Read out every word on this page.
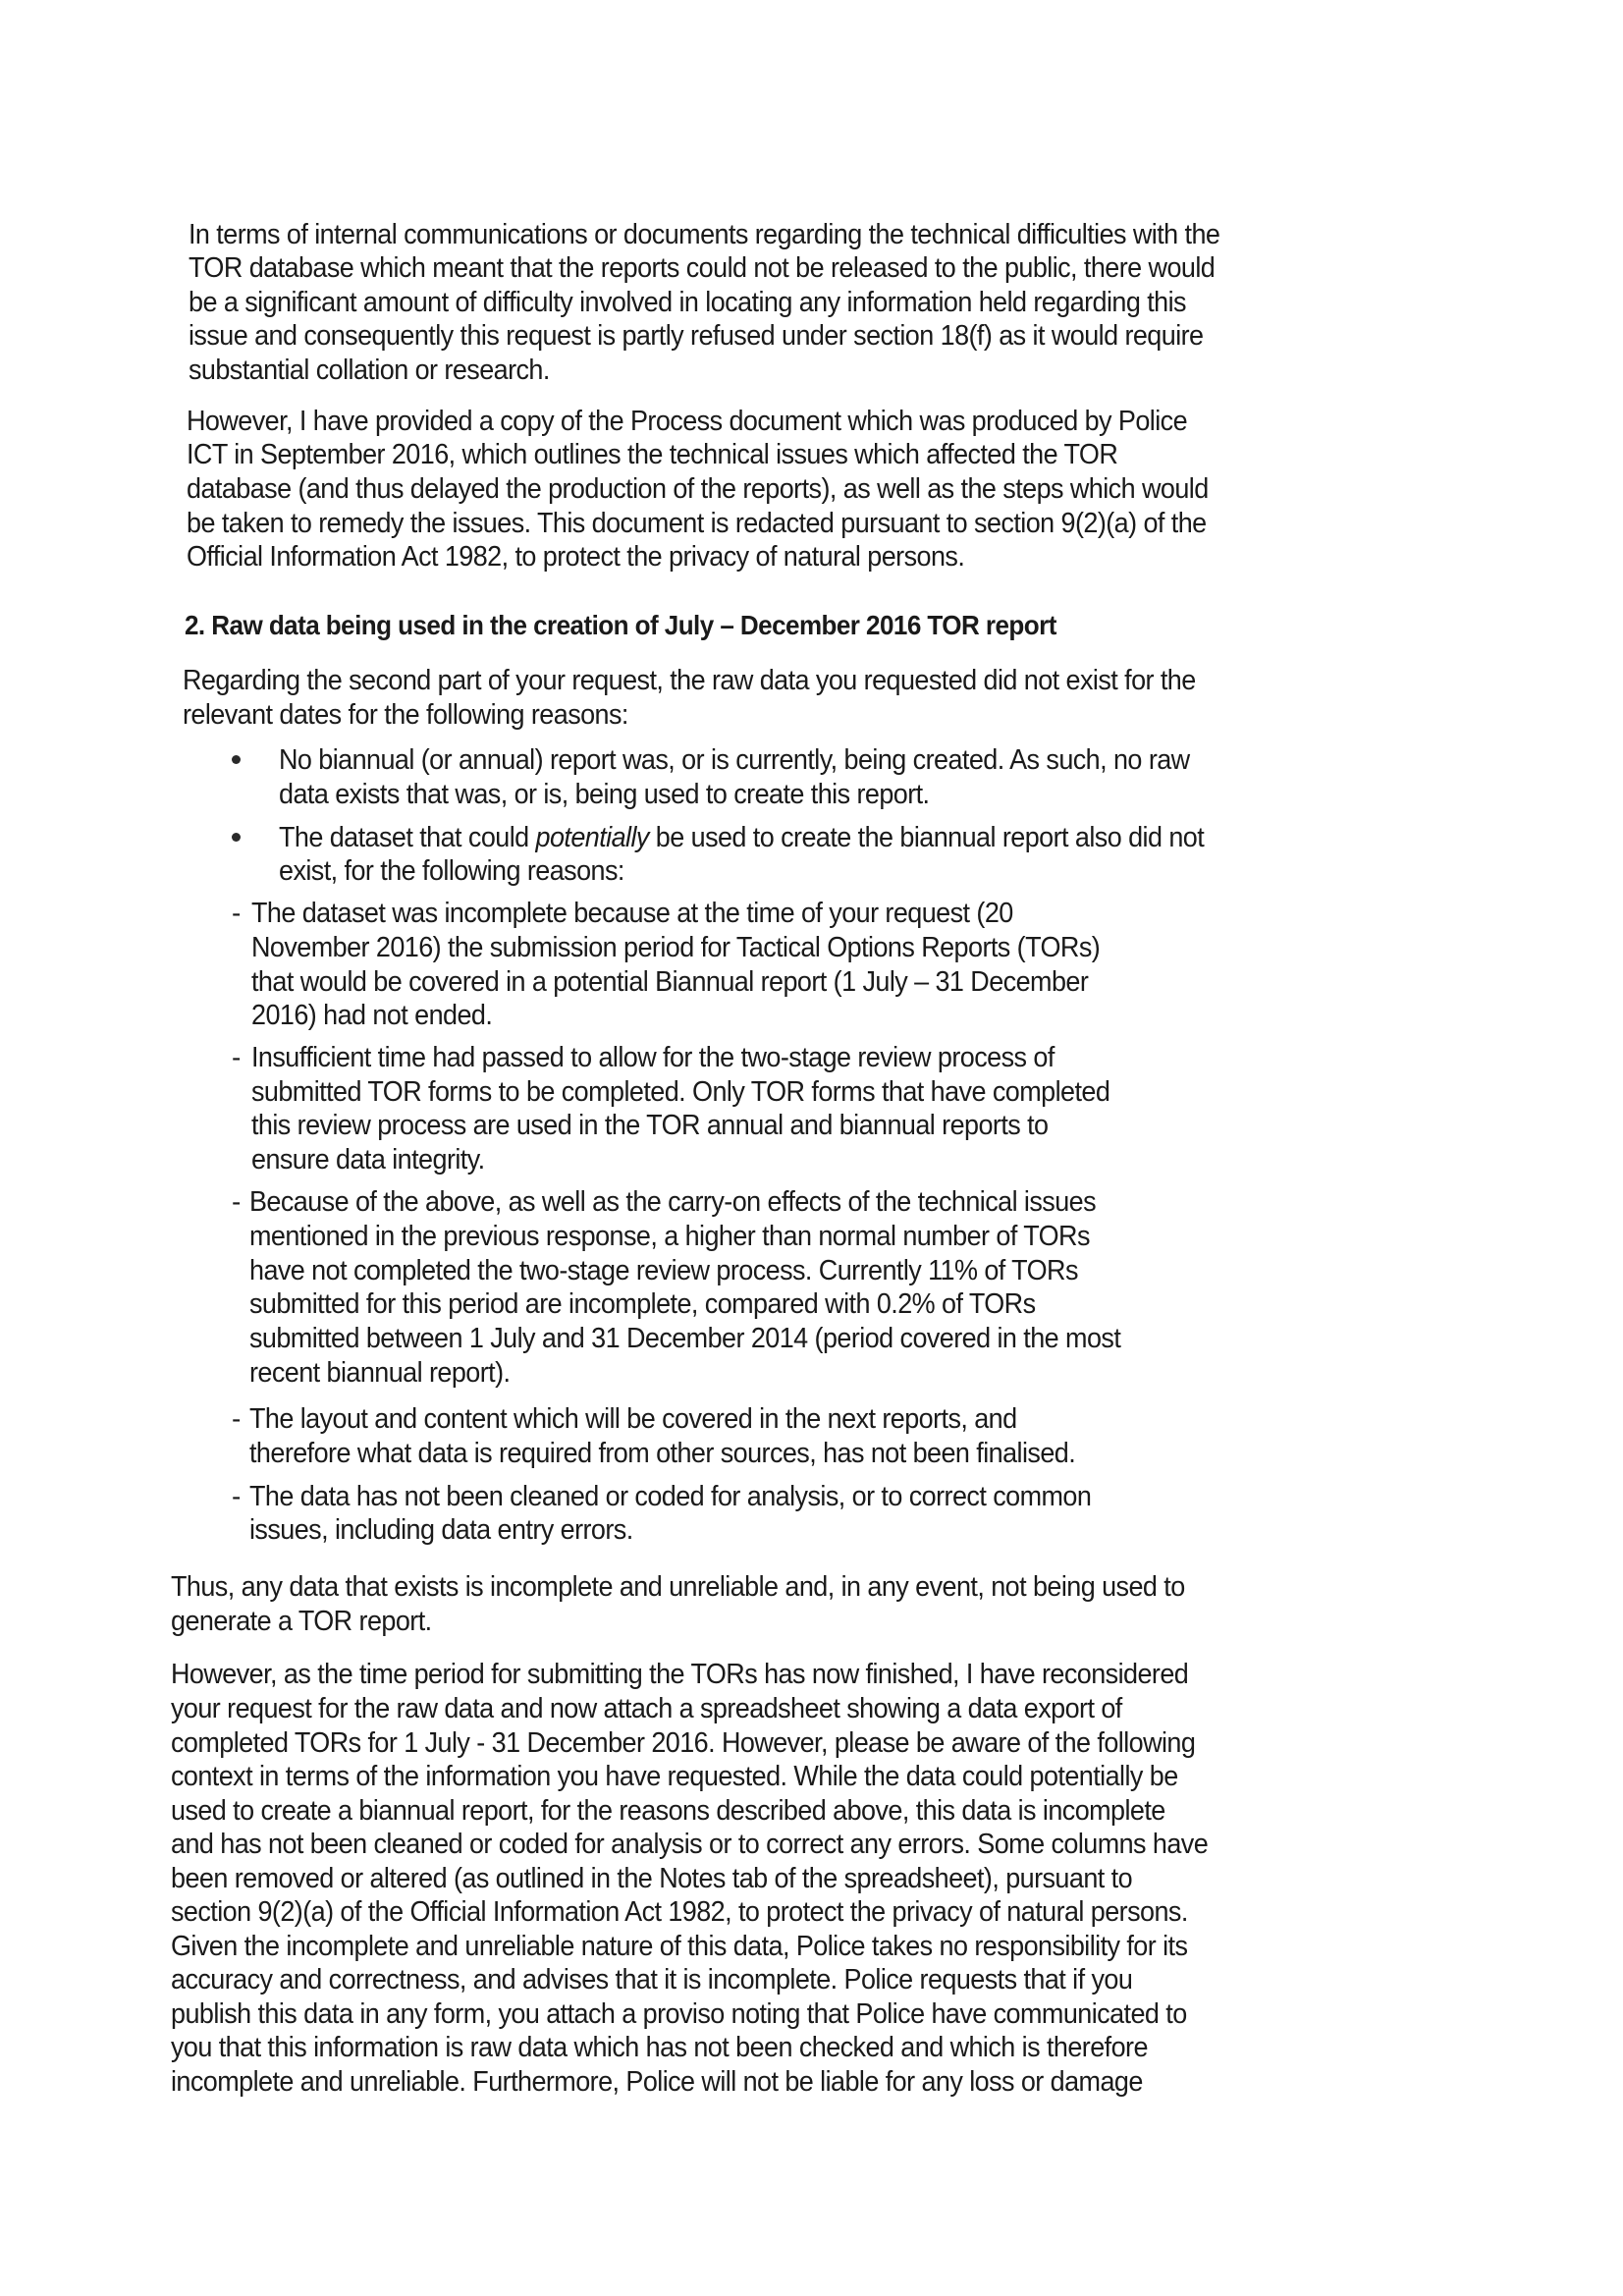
In terms of internal communications or documents regarding the technical difficulties with the
TOR database which meant that the reports could not be released to the public, there would
be a significant amount of difficulty involved in locating any information held regarding this
issue and consequently this request is partly refused under section 18(f) as it would require
substantial collation or research.
However, I have provided a copy of the Process document which was produced by Police
ICT in September 2016, which outlines the technical issues which affected the TOR
database (and thus delayed the production of the reports), as well as the steps which would
be taken to remedy the issues. This document is redacted pursuant to section 9(2)(a) of the
Official Information Act 1982, to protect the privacy of natural persons.
2. Raw data being used in the creation of July – December 2016 TOR report
Regarding the second part of your request, the raw data you requested did not exist for the
relevant dates for the following reasons:
No biannual (or annual) report was, or is currently, being created. As such, no raw
data exists that was, or is, being used to create this report.
The dataset that could potentially be used to create the biannual report also did not
exist, for the following reasons:
- The dataset was incomplete because at the time of your request (20
November 2016) the submission period for Tactical Options Reports (TORs)
that would be covered in a potential Biannual report (1 July – 31 December
2016) had not ended.
- Insufficient time had passed to allow for the two-stage review process of
submitted TOR forms to be completed. Only TOR forms that have completed
this review process are used in the TOR annual and biannual reports to
ensure data integrity.
- Because of the above, as well as the carry-on effects of the technical issues
mentioned in the previous response, a higher than normal number of TORs
have not completed the two-stage review process. Currently 11% of TORs
submitted for this period are incomplete, compared with 0.2% of TORs
submitted between 1 July and 31 December 2014 (period covered in the most
recent biannual report).
- The layout and content which will be covered in the next reports, and
therefore what data is required from other sources, has not been finalised.
- The data has not been cleaned or coded for analysis, or to correct common
issues, including data entry errors.
Thus, any data that exists is incomplete and unreliable and, in any event, not being used to
generate a TOR report.
However, as the time period for submitting the TORs has now finished, I have reconsidered
your request for the raw data and now attach a spreadsheet showing a data export of
completed TORs for 1 July - 31 December 2016. However, please be aware of the following
context in terms of the information you have requested. While the data could potentially be
used to create a biannual report, for the reasons described above, this data is incomplete
and has not been cleaned or coded for analysis or to correct any errors. Some columns have
been removed or altered (as outlined in the Notes tab of the spreadsheet), pursuant to
section 9(2)(a) of the Official Information Act 1982, to protect the privacy of natural persons.
Given the incomplete and unreliable nature of this data, Police takes no responsibility for its
accuracy and correctness, and advises that it is incomplete. Police requests that if you
publish this data in any form, you attach a proviso noting that Police have communicated to
you that this information is raw data which has not been checked and which is therefore
incomplete and unreliable. Furthermore, Police will not be liable for any loss or damage
